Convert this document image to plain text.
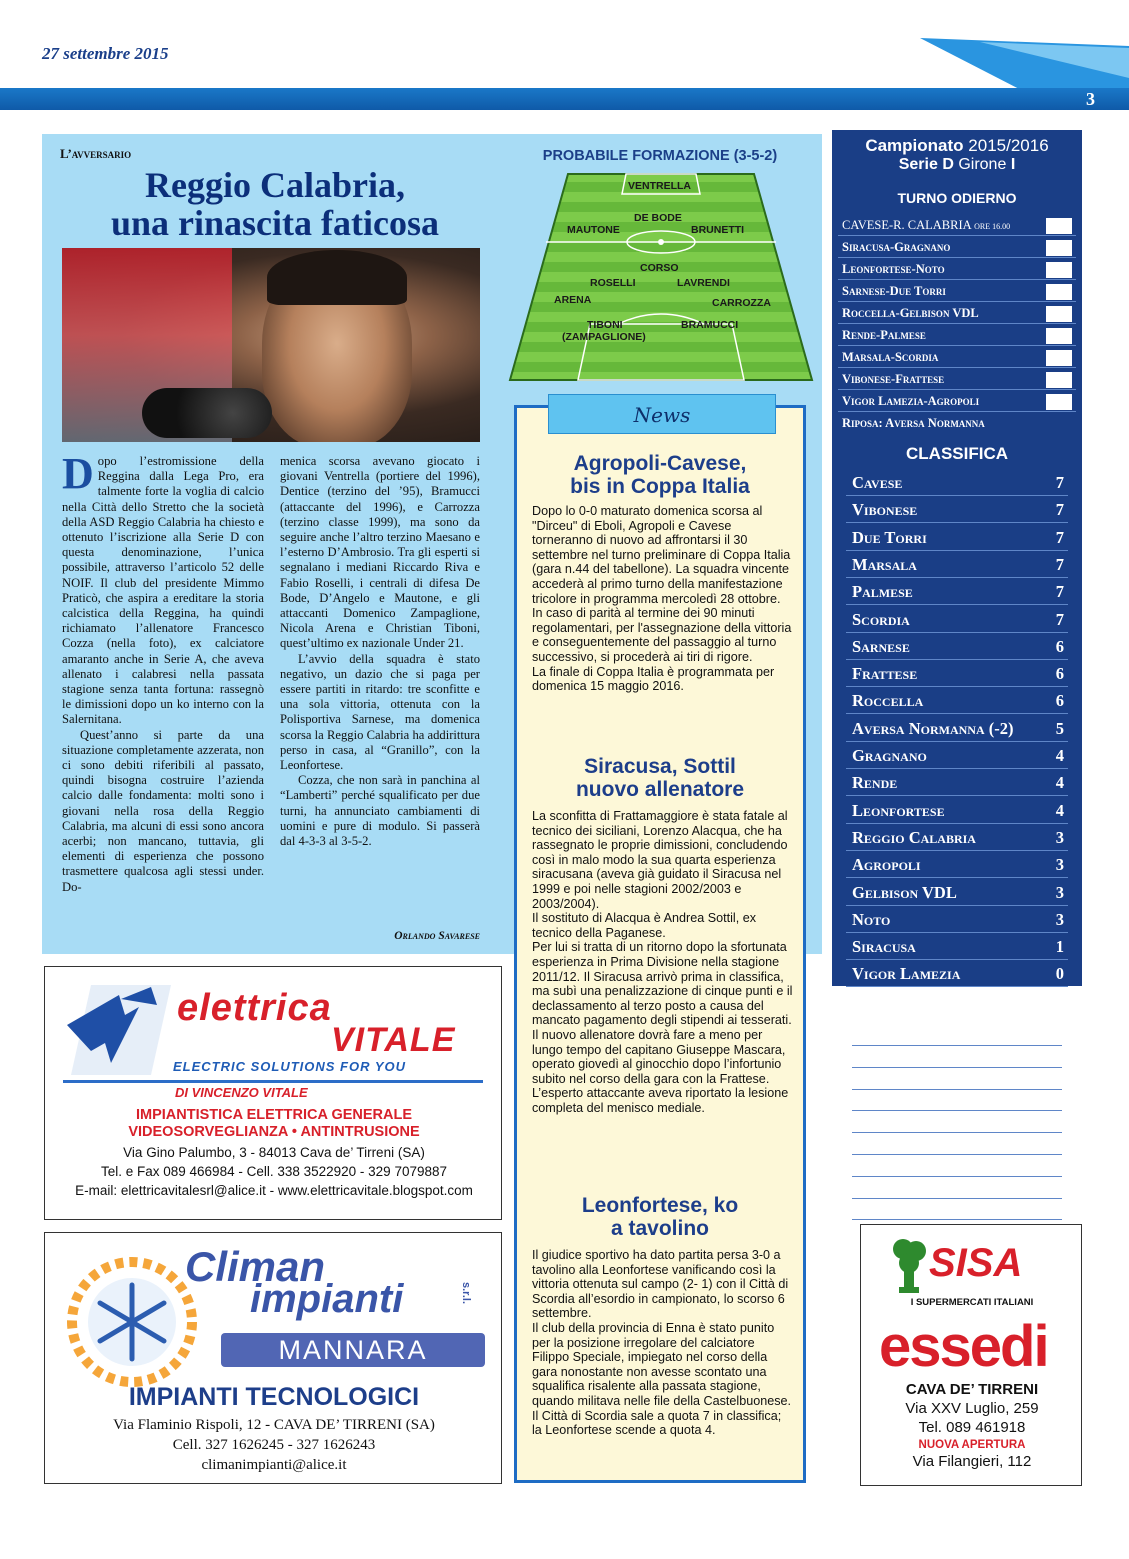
27 settembre 2015
3
L’avversario
Reggio Calabria,
una rinascita faticosa

Dopo l’estromissione della Reggina dalla Lega Pro, era talmente forte la voglia di calcio nella Città dello Stretto che la società della ASD Reggio Calabria ha chiesto e ottenuto l’iscrizione alla Serie D con questa denominazione, l’unica possibile, attraverso l’articolo 52 delle NOIF. Il club del presidente Mimmo Praticò, che aspira a ereditare la storia calcistica della Reggina, ha quindi richiamato l’allenatore Francesco Cozza (nella foto), ex calciatore amaranto anche in Serie A, che aveva allenato i calabresi nella passata stagione senza tanta fortuna: rassegnò le dimissioni dopo un ko interno con la Salernitana.

Quest’anno si parte da una situazione completamente azzerata, non ci sono debiti riferibili al passato, quindi bisogna costruire l’azienda calcio dalle fondamenta: molti sono i giovani nella rosa della Reggio Calabria, ma alcuni di essi sono ancora acerbi; non mancano, tuttavia, gli elementi di esperienza che possono trasmettere qualcosa agli stessi under. Do-

menica scorsa avevano giocato i giovani Ventrella (portiere del 1996), Dentice (terzino del ’95), Bramucci (attaccante del 1996), e Carrozza (terzino classe 1999), ma sono da seguire anche l’altro terzino Maesano e l’esterno D’Ambrosio. Tra gli esperti si segnalano i mediani Riccardo Riva e Fabio Roselli, i centrali di difesa De Bode, D’Angelo e Mautone, e gli attaccanti Domenico Zampaglione, Nicola Arena e Christian Tiboni, quest’ultimo ex nazionale Under 21.

L’avvio della squadra è stato negativo, un dazio che si paga per essere partiti in ritardo: tre sconfitte e una sola vittoria, ottenuta con la Polisportiva Sarnese, ma domenica scorsa la Reggio Calabria ha addirittura perso in casa, al “Granillo”, con la Leonfortese.

Cozza, che non sarà in panchina al “Lamberti” perché squalificato per due turni, ha annunciato cambiamenti di uomini e pure di modulo. Si passerà dal 4-3-3 al 3-5-2.

Orlando Savarese
PROBABILE FORMAZIONE (3-5-2)
VENTRELLA
DE BODE
MAUTONE	BRUNETTI
CORSO
ROSELLI	LAVRENDI
ARENA	CARROZZA
TIBONI
(ZAMPAGLIONE)
BRAMUCCI
News
Agropoli-Cavese,
bis in Coppa Italia
Dopo lo 0-0 maturato domenica scorsa al "Dirceu" di Eboli, Agropoli e Cavese torneranno di nuovo ad affrontarsi il 30 settembre nel turno preliminare di Coppa Italia (gara n.44 del tabellone). La squadra vincente accederà al primo turno della manifestazione tricolore in programma mercoledì 28 ottobre.
In caso di parità al termine dei 90 minuti regolamentari, per l'assegnazione della vittoria e conseguentemente del passaggio al turno successivo, si procederà ai tiri di rigore.
La finale di Coppa Italia è programmata per domenica 15 maggio 2016.
Siracusa, Sottil
nuovo allenatore
La sconfitta di Frattamaggiore è stata fatale al tecnico dei siciliani, Lorenzo Alacqua, che ha rassegnato le proprie dimissioni, concludendo così in malo modo la sua quarta esperienza siracusana (aveva già guidato il Siracusa nel 1999 e poi nelle stagioni 2002/2003 e 2003/2004).
Il sostituto di Alacqua è Andrea Sottil, ex tecnico della Paganese.
Per lui si tratta di un ritorno dopo la sfortunata esperienza in Prima Divisione nella stagione 2011/12. Il Siracusa arrivò prima in classifica, ma subì una penalizzazione di cinque punti e il declassamento al terzo posto a causa del mancato pagamento degli stipendi ai tesserati.
Il nuovo allenatore dovrà fare a meno per lungo tempo del capitano Giuseppe Mascara, operato giovedì al ginocchio dopo l’infortunio subito nel corso della gara con la Frattese. L’esperto attaccante aveva riportato la lesione completa del menisco mediale.
Leonfortese, ko
a tavolino
Il giudice sportivo ha dato partita persa 3-0 a tavolino alla Leonfortese vanificando così la vittoria ottenuta sul campo (2- 1) con il Città di Scordia all’esordio in campionato, lo scorso 6 settembre.
Il club della provincia di Enna è stato punito per la posizione irregolare del calciatore Filippo Speciale, impiegato nel corso della gara nonostante non avesse scontato una squalifica risalente alla passata stagione, quando militava nelle file della Castelbuonese.
Il Città di Scordia sale a quota 7 in classifica; la Leonfortese scende a quota 4.
elettrica
VITALE
ELECTRIC SOLUTIONS FOR YOU
DI VINCENZO VITALE
IMPIANTISTICA ELETTRICA GENERALE
VIDEOSORVEGLIANZA • ANTINTRUSIONE
Via Gino Palumbo, 3 - 84013 Cava de’ Tirreni (SA)
Tel. e Fax 089 466984 - Cell. 338 3522920 - 329 7079887
E-mail: elettricavitalesrl@alice.it - www.elettricavitale.blogspot.com
Climan
impianti	s.r.l.
MANNARA
IMPIANTI TECNOLOGICI
Via Flaminio Rispoli, 12 - CAVA DE’ TIRRENI (SA)
Cell. 327 1626245 - 327 1626243
climanimpianti@alice.it
Campionato 2015/2016
Serie D Girone I
TURNO ODIERNO
CAVESE-R. CALABRIA ORE 16.00
Siracusa-Gragnano
Leonfortese-Noto
Sarnese-Due Torri
Roccella-Gelbison VDL
Rende-Palmese
Marsala-Scordia
Vibonese-Frattese
Vigor Lamezia-Agropoli
Riposa: Aversa Normanna
CLASSIFICA
Cavese	7
Vibonese	7
Due Torri	7
Marsala	7
Palmese	7
Scordia	7
Sarnese	6
Frattese	6
Roccella	6
Aversa Normanna (-2)	5
Gragnano	4
Rende	4
Leonfortese	4
Reggio Calabria	3
Agropoli	3
Gelbison VDL	3
Noto	3
Siracusa	1
Vigor Lamezia	0
PROSSIMO TURNO
Agropoli-Rende
Aversa Normanna-Sarnese
Gragnano-Vibonese
Scordia-Siracusa
Due Torri-Roccella
Gelbison VDL-Leonfortese
NOTO-CAVESE
Palmese-Marsala
Reggio Calabria-V. Lamezia
SISA
I SUPERMERCATI ITALIANI
essedi
CAVA DE’ TIRRENI
Via XXV Luglio, 259
Tel. 089 461918
NUOVA APERTURA
Via Filangieri, 112
